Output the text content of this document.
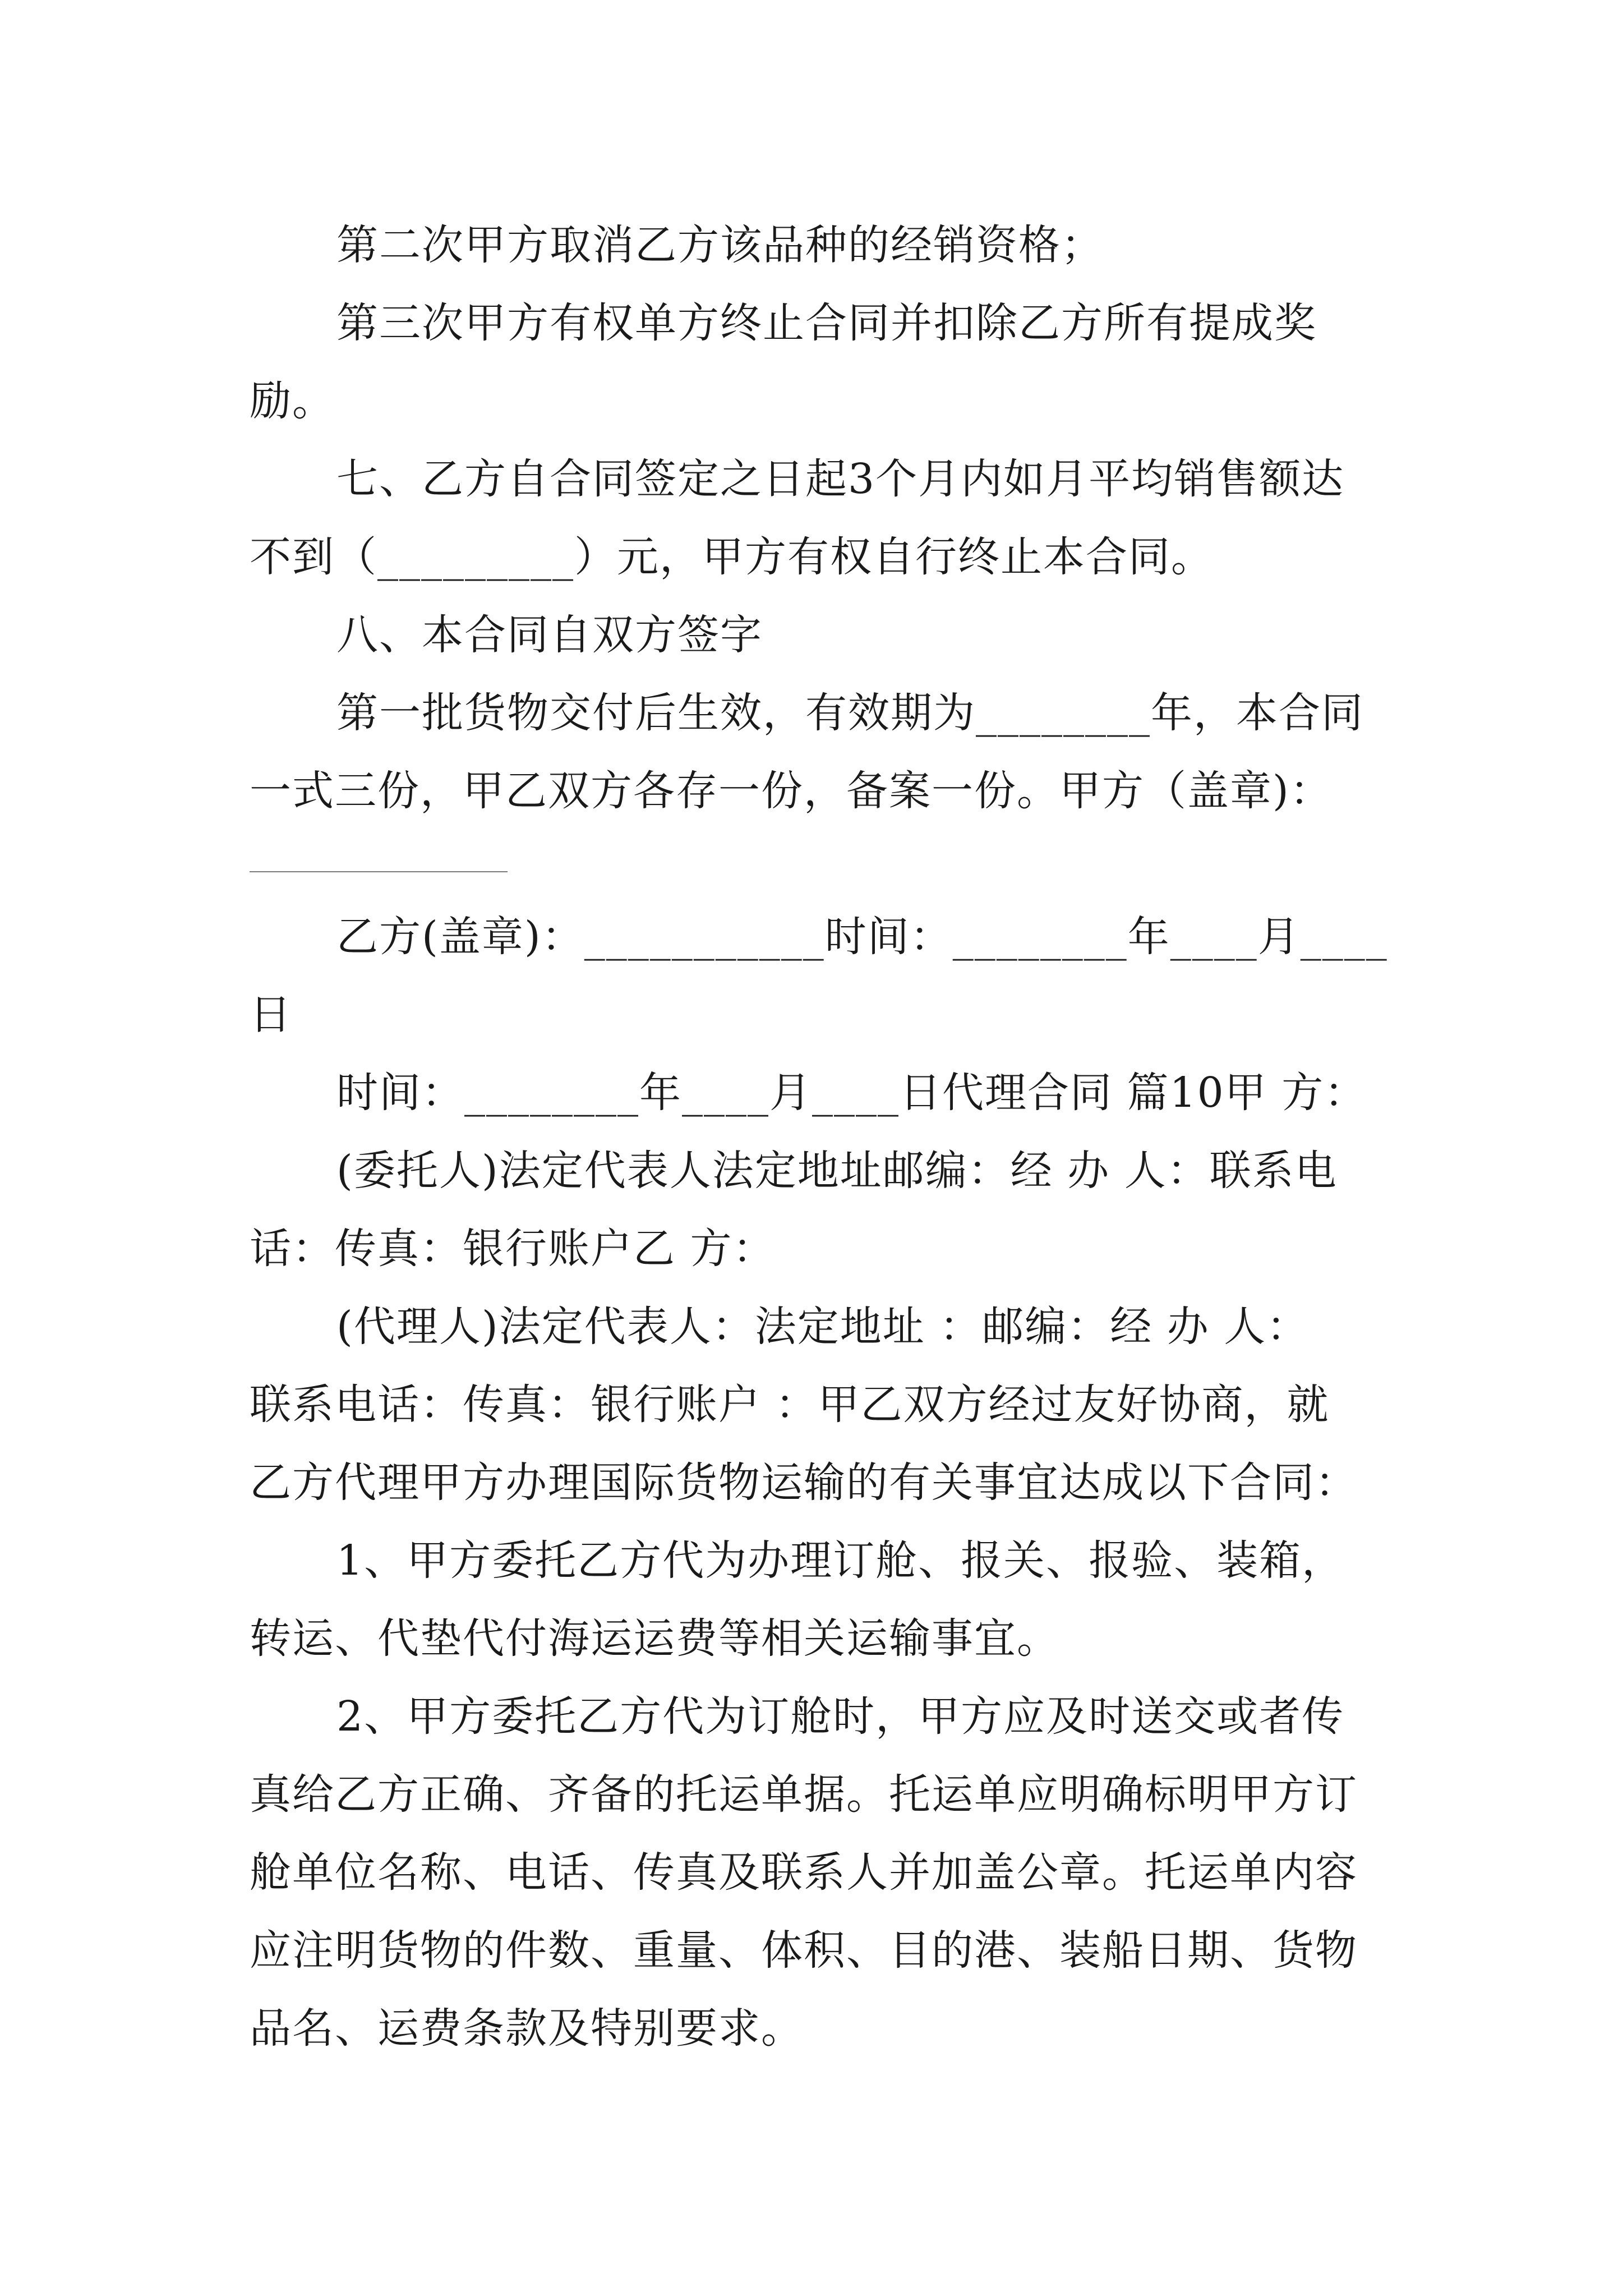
第二次甲方取消乙方该品种的经销资格；
第三次甲方有权单方终止合同并扣除乙方所有提成奖
励。
七、乙方自合同签定之日起3个月内如月平均销售额达
不到（_________）元，甲方有权自行终止本合同。
八、本合同自双方签字
第一批货物交付后生效，有效期为________年，本合同
一式三份，甲乙双方各存一份，备案一份。甲方（盖章)：
乙方(盖章)：___________时间：________年____月____
日
时间：________年____月____日代理合同 篇10甲 方：
(委托人)法定代表人法定地址邮编：经 办 人：联系电
话：传真：银行账户乙 方：
(代理人)法定代表人：法定地址 ：邮编：经 办 人：
联系电话：传真：银行账户 ：甲乙双方经过友好协商，就
乙方代理甲方办理国际货物运输的有关事宜达成以下合同：
1、甲方委托乙方代为办理订舱、报关、报验、装箱，
转运、代垫代付海运运费等相关运输事宜。
2、甲方委托乙方代为订舱时，甲方应及时送交或者传
真给乙方正确、齐备的托运单据。托运单应明确标明甲方订
舱单位名称、电话、传真及联系人并加盖公章。托运单内容
应注明货物的件数、重量、体积、目的港、装船日期、货物
品名、运费条款及特别要求。
